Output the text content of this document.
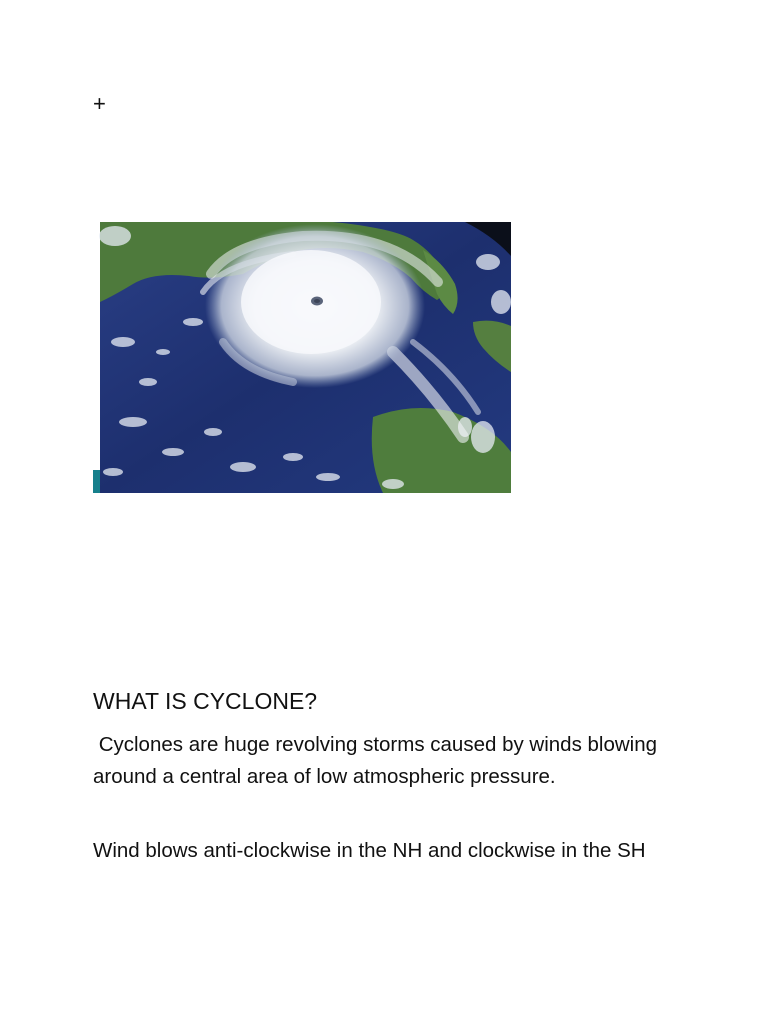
+
WHAT IS CYCLONE?

Cyclones are huge revolving storms caused by winds blowing around a central area of low atmospheric pressure.

Wind blows anti-clockwise in the NH and clockwise in the SH
